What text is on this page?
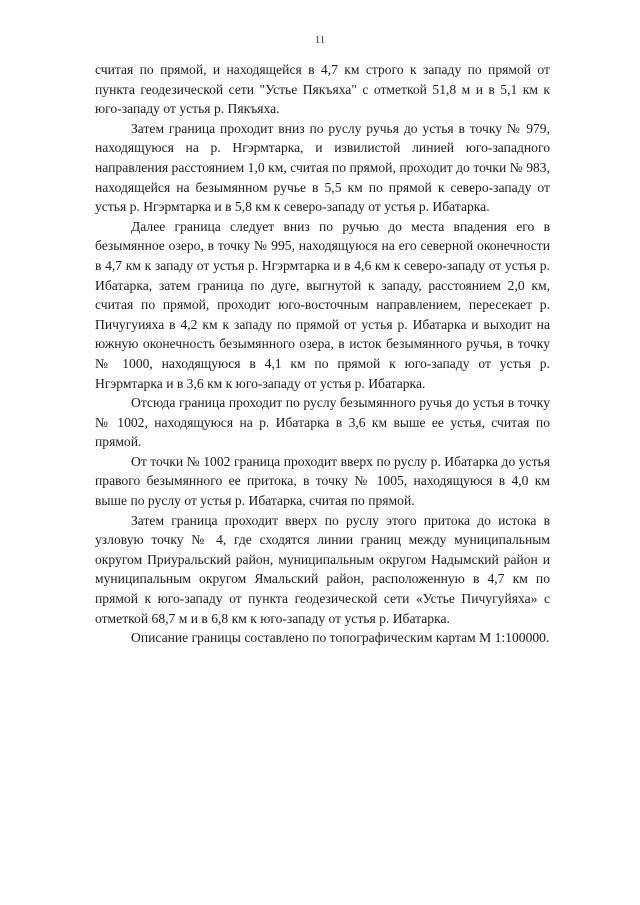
11

считая по прямой, и находящейся в 4,7 км строго к западу по прямой от пункта геодезической сети "Устье Пякъяха" с отметкой 51,8 м и в 5,1 км к юго-западу от устья р. Пякъяха.

Затем граница проходит вниз по руслу ручья до устья в точку № 979, находящуюся на р. Нгэрмтарка, и извилистой линией юго-западного направления расстоянием 1,0 км, считая по прямой, проходит до точки № 983, находящейся на безымянном ручье в 5,5 км по прямой к северо-западу от устья р. Нгэрмтарка и в 5,8 км к северо-западу от устья р. Ибатарка.

Далее граница следует вниз по ручью до места впадения его в безымянное озеро, в точку № 995, находящуюся на его северной оконечности в 4,7 км к западу от устья р. Нгэрмтарка и в 4,6 км к северо-западу от устья р. Ибатарка, затем граница по дуге, выгнутой к западу, расстоянием 2,0 км, считая по прямой, проходит юго-восточным направлением, пересекает р. Пичугуияха в 4,2 км к западу по прямой от устья р. Ибатарка и выходит на южную оконечность безымянного озера, в исток безымянного ручья, в точку № 1000, находящуюся в 4,1 км по прямой к юго-западу от устья р. Нгэрмтарка и в 3,6 км к юго-западу от устья р. Ибатарка.

Отсюда граница проходит по руслу безымянного ручья до устья в точку № 1002, находящуюся на р. Ибатарка в 3,6 км выше ее устья, считая по прямой.

От точки № 1002 граница проходит вверх по руслу р. Ибатарка до устья правого безымянного ее притока, в точку № 1005, находящуюся в 4,0 км выше по руслу от устья р. Ибатарка, считая по прямой.

Затем граница проходит вверх по руслу этого притока до истока в узловую точку № 4, где сходятся линии границ между муниципальным округом Приуральский район, муниципальным округом Надымский район и муниципальным округом Ямальский район, расположенную в 4,7 км по прямой к юго-западу от пункта геодезической сети «Устье Пичугуйяха» с отметкой 68,7 м и в 6,8 км к юго-западу от устья р. Ибатарка.

Описание границы составлено по топографическим картам М 1:100000.
